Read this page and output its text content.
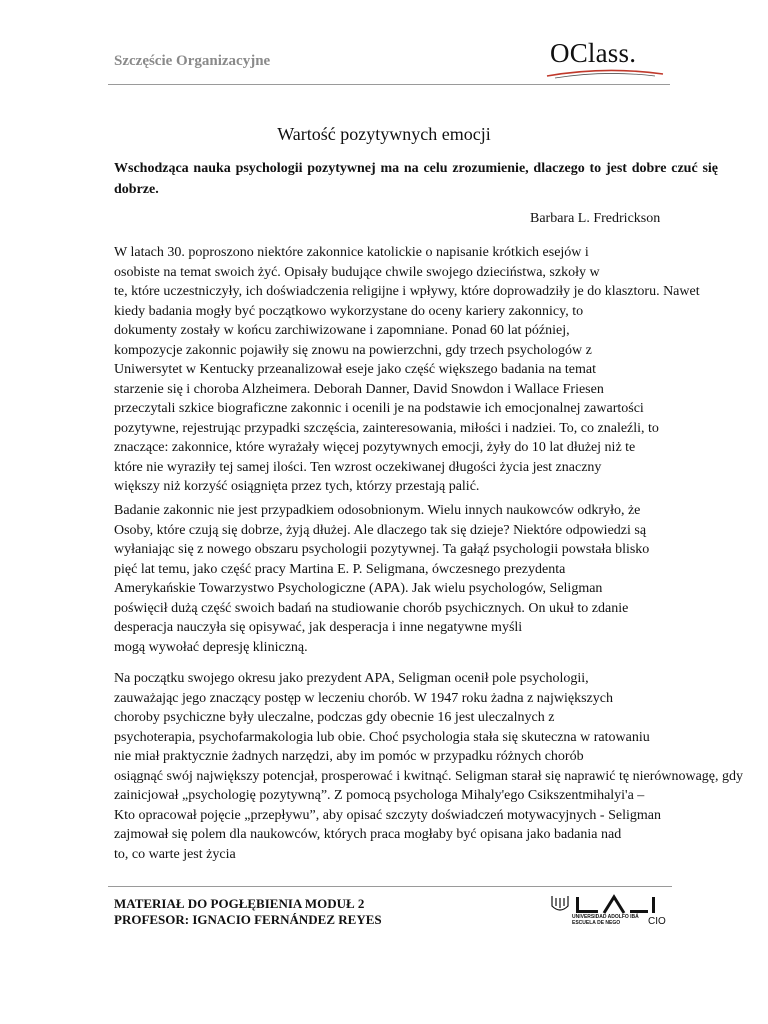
Szczęście Organizacyjne	OClass.
Wartość pozytywnych emocji
Wschodząca nauka psychologii pozytywnej ma na celu zrozumienie, dlaczego to jest dobre czuć się dobrze.
Barbara L. Fredrickson
W latach 30. poproszono niektóre zakonnice katolickie o napisanie krótkich esejów i
osobiste na temat swoich żyć. Opisały budujące chwile swojego dzieciństwa, szkoły w
te, które uczestniczyły, ich doświadczenia religijne i wpływy, które doprowadziły je do klasztoru. Nawet
kiedy badania mogły być początkowo wykorzystane do oceny kariery zakonnicy, to
dokumenty zostały w końcu zarchiwizowane i zapomniane. Ponad 60 lat później,
kompozycje zakonnic pojawiły się znowu na powierzchni, gdy trzech psychologów z
Uniwersytet w Kentucky przeanalizował eseje jako część większego badania na temat
starzenie się i choroba Alzheimera. Deborah Danner, David Snowdon i Wallace Friesen
przeczytali szkice biograficzne zakonnic i ocenili je na podstawie ich emocjonalnej zawartości
pozytywne, rejestrując przypadki szczęścia, zainteresowania, miłości i nadziei. To, co znaleźli, to
znaczące: zakonnice, które wyrażały więcej pozytywnych emocji, żyły do 10 lat dłużej niż te
które nie wyraziły tej samej ilości. Ten wzrost oczekiwanej długości życia jest znaczny
większy niż korzyść osiągnięta przez tych, którzy przestają palić.
Badanie zakonnic nie jest przypadkiem odosobnionym. Wielu innych naukowców odkryło, że
Osoby, które czują się dobrze, żyją dłużej. Ale dlaczego tak się dzieje? Niektóre odpowiedzi są
wyłaniając się z nowego obszaru psychologii pozytywnej. Ta gałąź psychologii powstała blisko
pięć lat temu, jako część pracy Martina E. P. Seligmana, ówczesnego prezydenta
Amerykańskie Towarzystwo Psychologiczne (APA). Jak wielu psychologów, Seligman
poświęcił dużą część swoich badań na studiowanie chorób psychicznych. On ukuł to zdanie
desperacja nauczyła się opisywać, jak desperacja i inne negatywne myśli
mogą wywołać depresję kliniczną.
Na początku swojego okresu jako prezydent APA, Seligman ocenił pole psychologii,
zauważając jego znaczący postęp w leczeniu chorób. W 1947 roku żadna z największych
choroby psychiczne były uleczalne, podczas gdy obecnie 16 jest uleczalnych z
psychoterapia, psychofarmakologia lub obie. Choć psychologia stała się skuteczna w ratowaniu
nie miał praktycznie żadnych narzędzi, aby im pomóc w przypadku różnych chorób
osiągnąć swój największy potencjał, prosperować i kwitnąć. Seligman starał się naprawić tę nierównowagę, gdy
zainicjował „psychologię pozytywną”. Z pomocą psychologa Mihaly'ego Csikszentmihalyi'a –
Kto opracował pojęcie „przepływu”, aby opisać szczyty doświadczeń motywacyjnych - Seligman
zajmował się polem dla naukowców, których praca mogłaby być opisana jako badania nad
to, co warte jest życia
MATERIAŁ DO POGŁĘBIENIA MODUŁ 2
PROFESOR: IGNACIO FERNÁNDEZ REYES	UNIVERSIDAD ADOLFO IBÁ
ESCUELA DE NEGO	CIO
